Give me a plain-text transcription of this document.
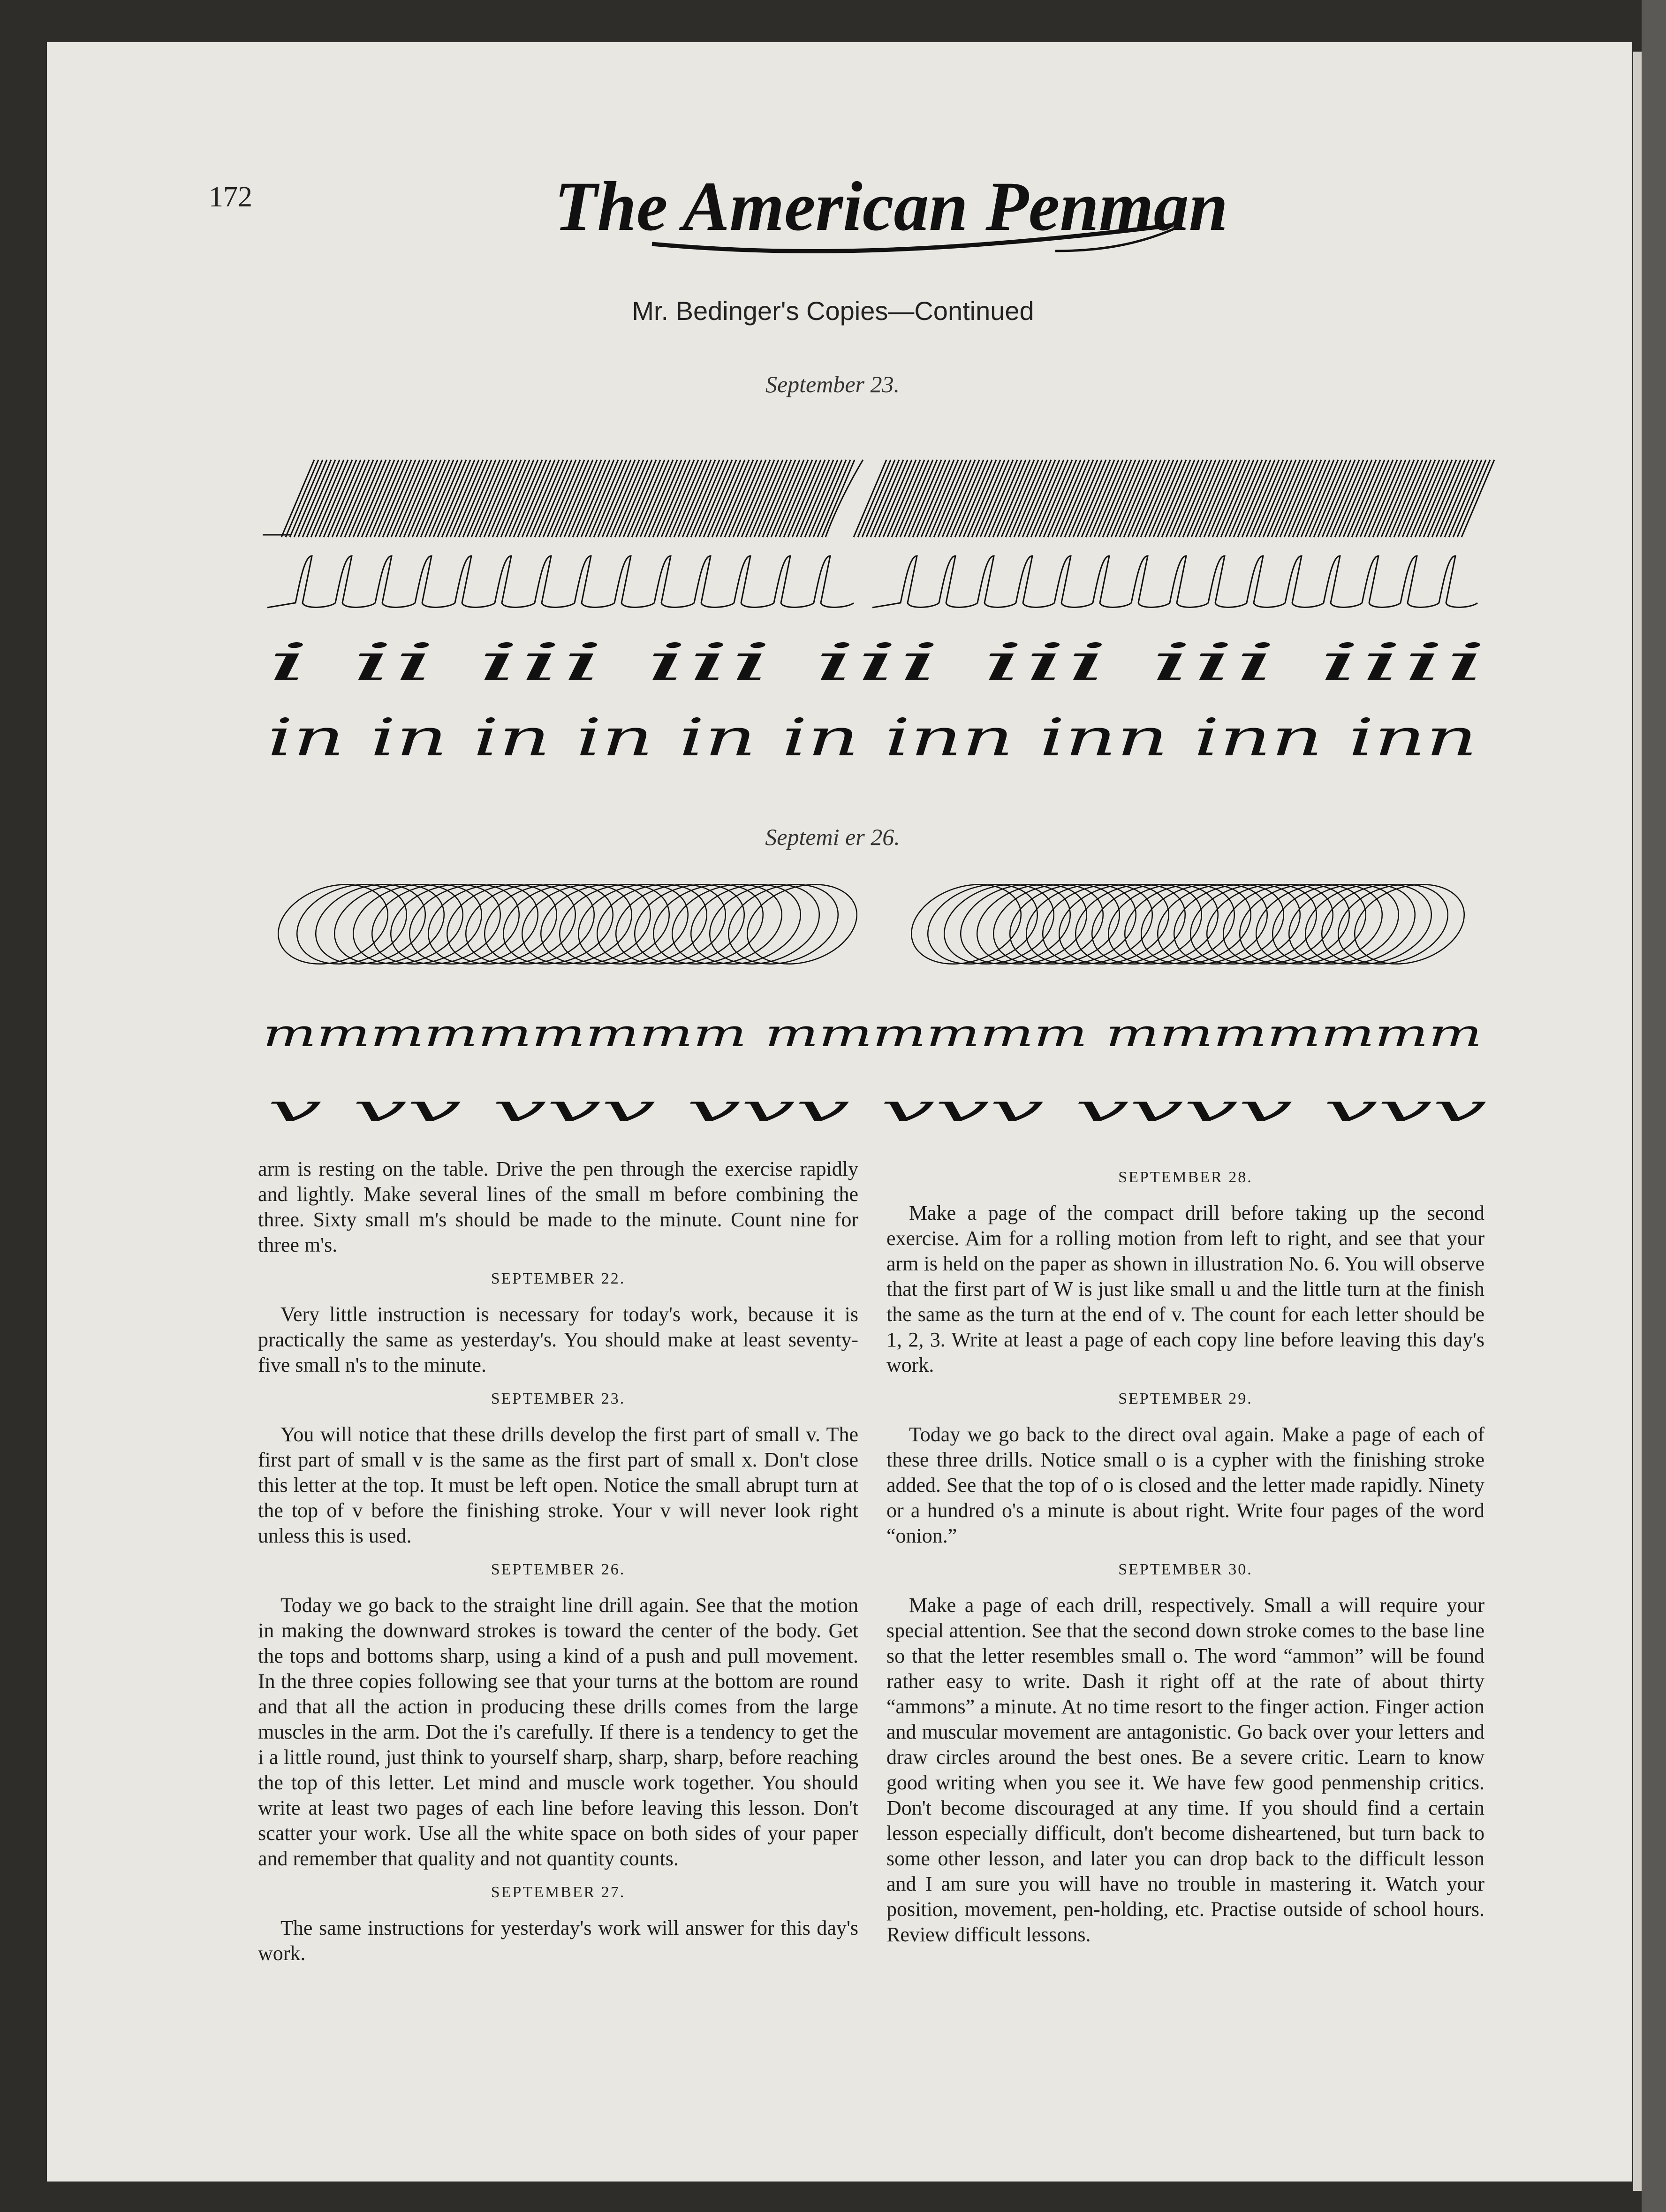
172	The American Penman
Mr. Bedinger's Copies—Continued
September 23.
i ii iii iii iii iii iii iiii
in in in in in in inn inn inn inn
Septemi er 26.
mmmmmmmmm mmmmmm mmmmmmm
v vv vvv vvv vvv vvvv vvv

arm is resting on the table. Drive the pen through the exercise rapidly and lightly. Make several lines of the small m before combining the three. Sixty small m's should be made to the minute. Count nine for three m's.

SEPTEMBER 22.

Very little instruction is necessary for today's work, because it is practically the same as yesterday's. You should make at least seventy-five small n's to the minute.

SEPTEMBER 23.

You will notice that these drills develop the first part of small v. The first part of small v is the same as the first part of small x. Don't close this letter at the top. It must be left open. Notice the small abrupt turn at the top of v before the finishing stroke. Your v will never look right unless this is used.

SEPTEMBER 26.

Today we go back to the straight line drill again. See that the motion in making the downward strokes is toward the center of the body. Get the tops and bottoms sharp, using a kind of a push and pull movement. In the three copies following see that your turns at the bottom are round and that all the action in producing these drills comes from the large muscles in the arm. Dot the i's carefully. If there is a tendency to get the i a little round, just think to yourself sharp, sharp, sharp, before reaching the top of this letter. Let mind and muscle work together. You should write at least two pages of each line before leaving this lesson. Don't scatter your work. Use all the white space on both sides of your paper and remember that quality and not quantity counts.

SEPTEMBER 27.

The same instructions for yesterday's work will answer for this day's work.

SEPTEMBER 28.

Make a page of the compact drill before taking up the second exercise. Aim for a rolling motion from left to right, and see that your arm is held on the paper as shown in illustration No. 6. You will observe that the first part of W is just like small u and the little turn at the finish the same as the turn at the end of v. The count for each letter should be 1, 2, 3. Write at least a page of each copy line before leaving this day's work.

SEPTEMBER 29.

Today we go back to the direct oval again. Make a page of each of these three drills. Notice small o is a cypher with the finishing stroke added. See that the top of o is closed and the letter made rapidly. Ninety or a hundred o's a minute is about right. Write four pages of the word “onion.”

SEPTEMBER 30.

Make a page of each drill, respectively. Small a will require your special attention. See that the second down stroke comes to the base line so that the letter resembles small o. The word “ammon” will be found rather easy to write. Dash it right off at the rate of about thirty “ammons” a minute. At no time resort to the finger action. Finger action and muscular movement are antagonistic. Go back over your letters and draw circles around the best ones. Be a severe critic. Learn to know good writing when you see it. We have few good penmenship critics. Don't become discouraged at any time. If you should find a certain lesson especially difficult, don't become disheartened, but turn back to some other lesson, and later you can drop back to the difficult lesson and I am sure you will have no trouble in mastering it. Watch your position, movement, pen-holding, etc. Practise outside of school hours. Review difficult lessons.
